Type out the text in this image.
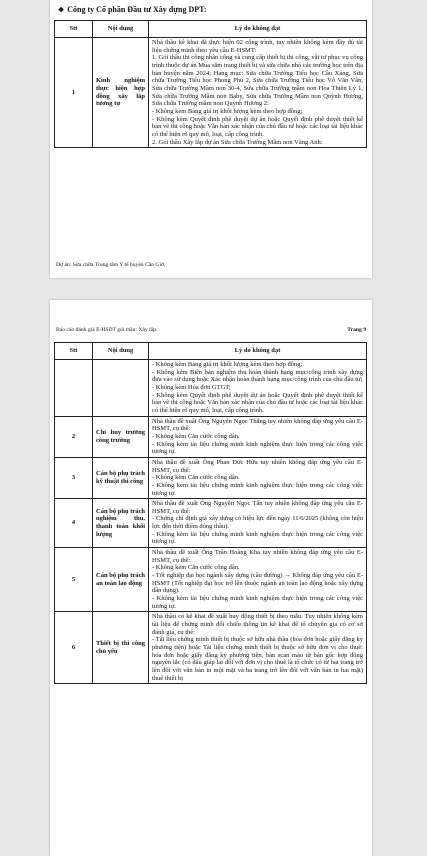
❖ Công ty Cổ phần Đầu tư Xây dựng DPT:
Stt	Nội dung	Lý do không đạt
1	Kinh nghiệm thực hiện hợp đồng xây lắp tương tự	Nhà thầu kê khai đã thực hiện 02 công trình, tuy nhiên không kèm đầy đủ tài liệu chứng minh theo yêu cầu E-HSMT:

1. Gói thầu thi công nhân công và cung cấp thiết bị thi công, vật tư phục vụ công trình thuộc dự án Mua sắm trang thiết bị và sửa chữa nhỏ các trường học trên địa bàn huyện năm 2024; Hạng mục: Sửa chữa Trường Tiểu học Cầu Xáng, Sửa chữa Trường Tiểu học Phong Phú 2, Sửa chữa Trường Tiểu học Võ Văn Vân, Sửa chữa Trường Mầm non 30-4, Sửa chữa Trường mầm non Hoa Thiên Lý 1, Sửa chữa Trường Mầm non Baby, Sửa chữa Trường Mầm non Quỳnh Hương, Sửa chữa Trường mầm non Quỳnh Hương 2:

- Không kèm Bảng giá trị khối lượng kèm theo hợp đồng;

- Không kèm Quyết định phê duyệt dự án hoặc Quyết định phê duyệt thiết kế bản vẽ thi công hoặc Văn bản xác nhận của chủ đầu tư hoặc các loại tài liệu khác có thể hiện rõ quy mô, loại, cấp công trình.

2. Gói thầu Xây lắp dự án Sửa chữa Trường Mầm non Vàng Anh:

Dự án: Sửa chữa Trung tâm Y tế huyện Cần Giờ.
Báo cáo đánh giá E-HSDT gói thầu: Xây lắp.	Trang 9
Stt	Nội dung	Lý do không đạt

		- Không kèm Bảng giá trị khối lượng kèm theo hợp đồng;

- Không kèm Biên bản nghiệm thu hoàn thành hạng mục/công trình xây dựng đưa vào sử dụng hoặc Xác nhận hoàn thành hạng mục/công trình của chủ đầu tư;

- Không kèm Hóa đơn GTGT;

- Không kèm Quyết định phê duyệt dự án hoặc Quyết định phê duyệt thiết kế bản vẽ thi công hoặc Văn bản xác nhận của chủ đầu tư hoặc các loại tài liệu khác có thể hiện rõ quy mô, loại, cấp công trình.

2	Chỉ huy trưởng công trường	Nhà thầu đề xuất Ông Nguyễn Ngọc Thắng tuy nhiên không đáp ứng yêu cầu E-HSMT, cụ thể:

- Không kèm Căn cước công dân.

- Không kèm tài liệu chứng minh kinh nghiệm thực hiện trong các công việc tương tự.

3	Cán bộ phụ trách kỹ thuật thi công	Nhà thầu đề xuất Ông Phan Đức Hữu tuy nhiên không đáp ứng yêu cầu E-HSMT, cụ thể:

- Không kèm Căn cước công dân.

- Không kèm tài liệu chứng minh kinh nghiệm thực hiện trong các công việc tương tự.

4	Cán bộ phụ trách nghiệm thu, thanh toán khối lượng	Nhà thầu đề xuất Ông Nguyễn Ngọc Tấn tuy nhiên không đáp ứng yêu cầu E-HSMT, cụ thể:

- Chứng chỉ định giá xây dựng có hiệu lực đến ngày 11/6/2025 (không còn hiệu lực đến thời điểm đóng thầu).

- Không kèm tài liệu chứng minh kinh nghiệm thực hiện trong các công việc tương tự.

5	Cán bộ phụ trách an toàn lao động	Nhà thầu đề xuất Ông Trần Hoàng Kha tuy nhiên không đáp ứng yêu cầu E-HSMT, cụ thể:

- Không kèm Căn cước công dân.

- Tốt nghiệp đại học ngành xây dựng (cầu đường) → Không đáp ứng yêu cầu E-HSMT (Tốt nghiệp đại học trở lên thuộc ngành an toàn lao động hoặc xây dựng dân dụng).

- Không kèm tài liệu chứng minh kinh nghiệm thực hiện trong các công việc tương tự.

6	Thiết bị thi công chủ yếu	Nhà thầu có kê khai đề xuất huy động thiết bị theo mẫu. Tuy nhiên không kèm tài liệu để chứng minh đối chiếu thông tin kê khai để tổ chuyên gia có cơ sở đánh giá, cụ thể:

- Tài liệu chứng minh thiết bị thuộc sở hữu nhà thầu (hóa đơn hoặc giấy đăng ký phương tiện) hoặc Tài liệu chứng minh thiết bị thuộc sở hữu đơn vị cho thuê: hóa đơn hoặc giấy đăng ký phương tiện, bản scan màu từ bản gốc hợp đồng nguyên tắc (có dấu giáp lai đối với đơn vị cho thuê là tổ chức có từ hai trang trở lên đối với văn bản in một mặt và ba trang trở lên đối với văn bản in hai mặt) thuê thiết bị
